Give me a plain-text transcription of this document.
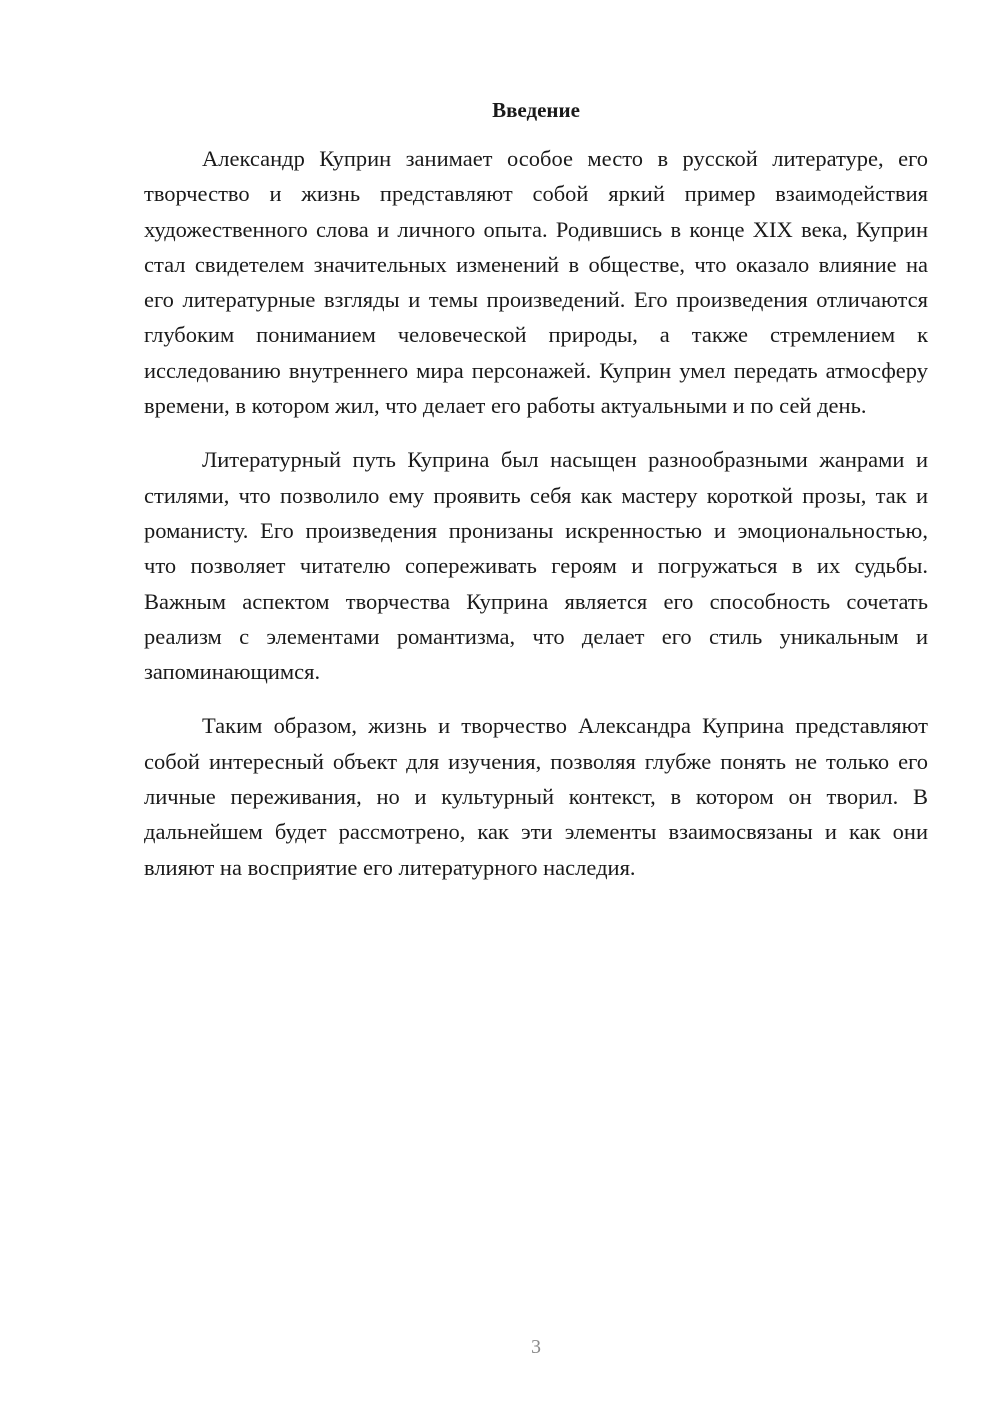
Введение

Александр Куприн занимает особое место в русской литературе, его творчество и жизнь представляют собой яркий пример взаимодействия художественного слова и личного опыта. Родившись в конце XIX века, Куприн стал свидетелем значительных изменений в обществе, что оказало влияние на его литературные взгляды и темы произведений. Его произведения отличаются глубоким пониманием человеческой природы, а также стремлением к исследованию внутреннего мира персонажей. Куприн умел передать атмосферу времени, в котором жил, что делает его работы актуальными и по сей день.

Литературный путь Куприна был насыщен разнообразными жанрами и стилями, что позволило ему проявить себя как мастеру короткой прозы, так и романисту. Его произведения пронизаны искренностью и эмоциональностью, что позволяет читателю сопереживать героям и погружаться в их судьбы. Важным аспектом творчества Куприна является его способность сочетать реализм с элементами романтизма, что делает его стиль уникальным и запоминающимся.

Таким образом, жизнь и творчество Александра Куприна представляют собой интересный объект для изучения, позволяя глубже понять не только его личные переживания, но и культурный контекст, в котором он творил. В дальнейшем будет рассмотрено, как эти элементы взаимосвязаны и как они влияют на восприятие его литературного наследия.

3
